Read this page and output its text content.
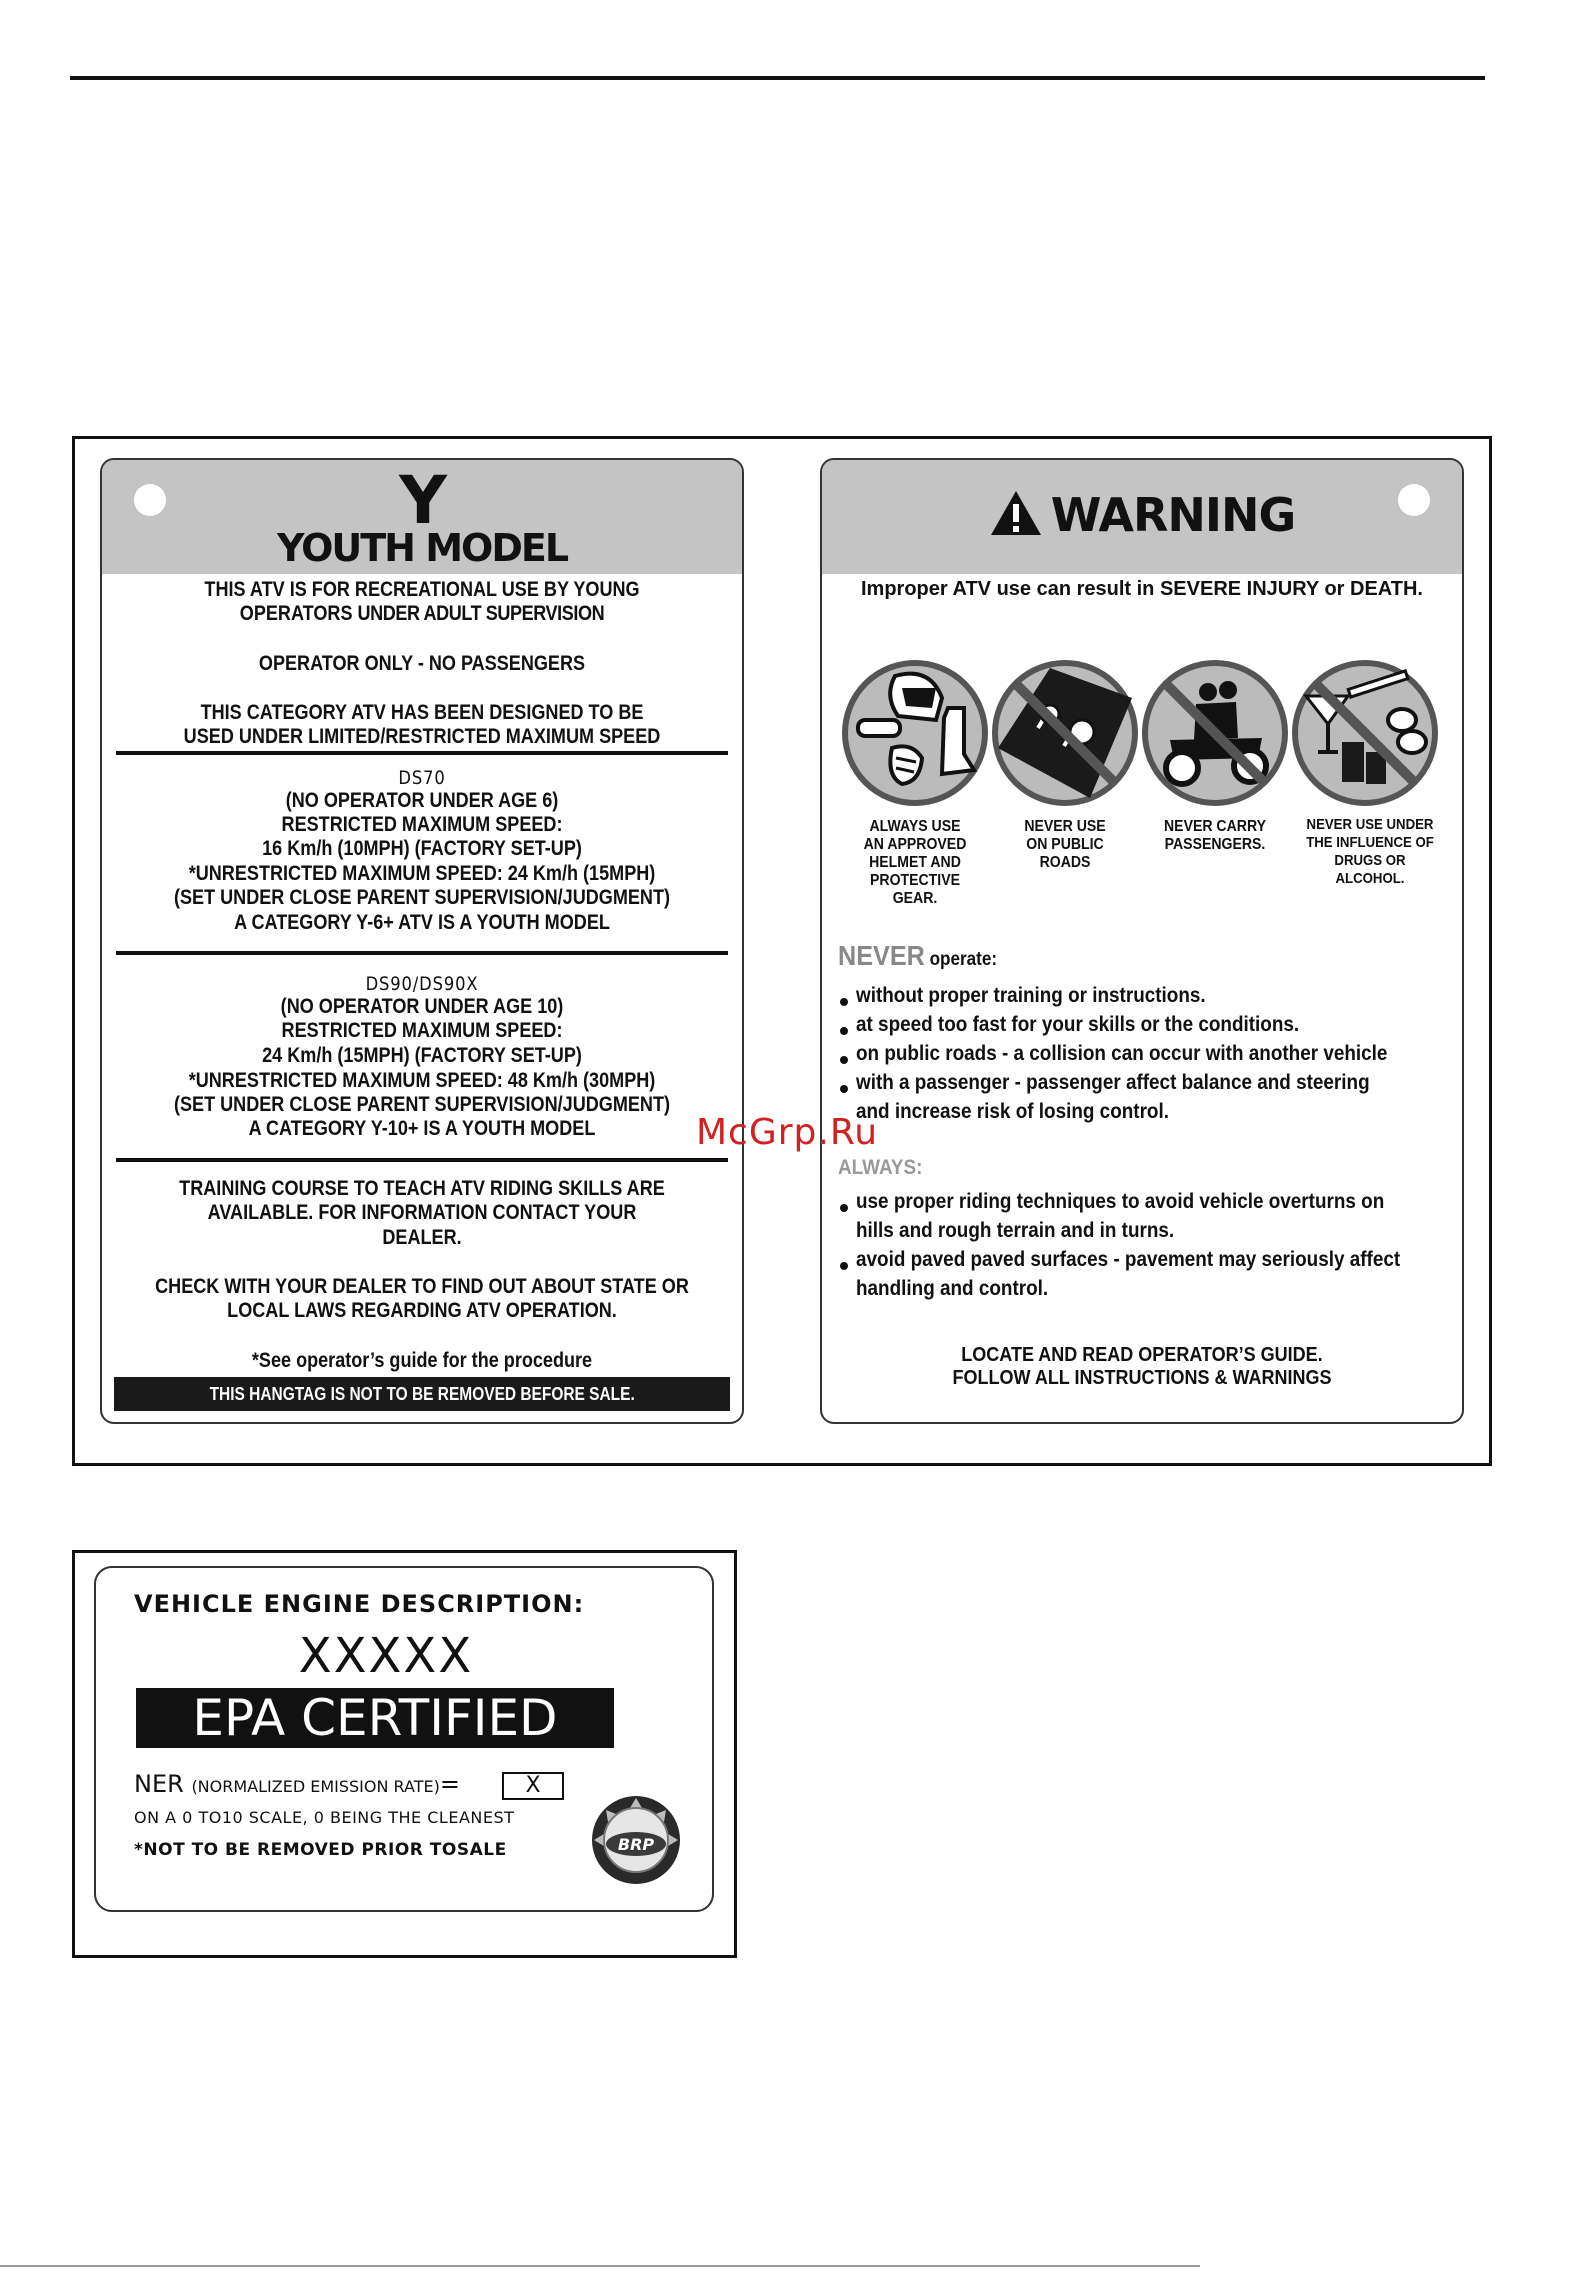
Y
YOUTH MODEL
THIS ATV IS FOR RECREATIONAL USE BY YOUNG
OPERATORS UNDER ADULT SUPERVISION
OPERATOR ONLY - NO PASSENGERS
THIS CATEGORY ATV HAS BEEN DESIGNED TO BE
USED UNDER LIMITED/RESTRICTED MAXIMUM SPEED
DS70
(NO OPERATOR UNDER AGE 6)
RESTRICTED MAXIMUM SPEED:
16 Km/h (10MPH) (FACTORY SET-UP)
*UNRESTRICTED MAXIMUM SPEED: 24 Km/h (15MPH)
(SET UNDER CLOSE PARENT SUPERVISION/JUDGMENT)
A CATEGORY Y-6+ ATV IS A YOUTH MODEL
DS90/DS90X
(NO OPERATOR UNDER AGE 10)
RESTRICTED MAXIMUM SPEED:
24 Km/h (15MPH) (FACTORY SET-UP)
*UNRESTRICTED MAXIMUM SPEED: 48 Km/h (30MPH)
(SET UNDER CLOSE PARENT SUPERVISION/JUDGMENT)
A CATEGORY Y-10+ IS A YOUTH MODEL
TRAINING COURSE TO TEACH ATV RIDING SKILLS ARE
AVAILABLE. FOR INFORMATION CONTACT YOUR
DEALER.
CHECK WITH YOUR DEALER TO FIND OUT ABOUT STATE OR
LOCAL LAWS REGARDING ATV OPERATION.
*See operator’s guide for the procedure
THIS HANGTAG IS NOT TO BE REMOVED BEFORE SALE.
WARNING
Improper ATV use can result in SEVERE INJURY or DEATH.
ALWAYS USE
AN APPROVED
HELMET AND
PROTECTIVE
GEAR.
NEVER USE
ON PUBLIC
ROADS
NEVER CARRY
PASSENGERS.
NEVER USE UNDER
THE INFLUENCE OF
DRUGS OR ALCOHOL.
NEVER operate:
without proper training or instructions.
at speed too fast for your skills or the conditions.
on public roads - a collision can occur with another vehicle
with a passenger - passenger affect balance and steering
and increase risk of losing control.
ALWAYS:
use proper riding techniques to avoid vehicle overturns on
hills and rough terrain and in turns.
avoid paved paved surfaces - pavement may seriously affect
handling and control.
LOCATE AND READ OPERATOR’S GUIDE.
FOLLOW ALL INSTRUCTIONS & WARNINGS
VEHICLE ENGINE DESCRIPTION:
XXXXX
EPA CERTIFIED
NER (NORMALIZED EMISSION RATE)=	X
ON A 0 TO10 SCALE, 0 BEING THE CLEANEST
*NOT TO BE REMOVED PRIOR TOSALE	BRP
McGrp.Ru
